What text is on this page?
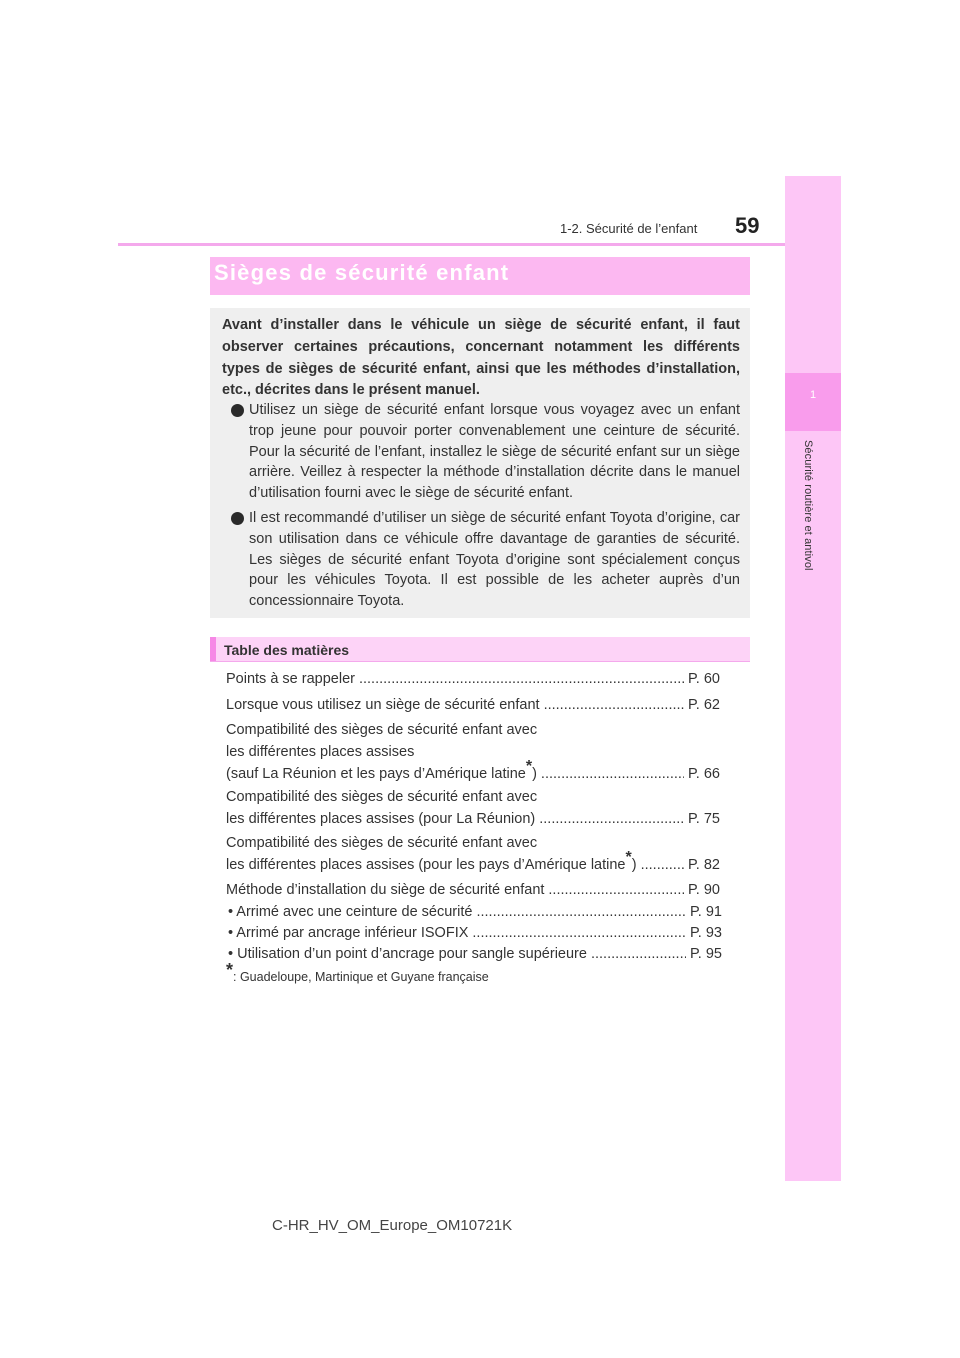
1-2. Sécurité de l’enfant	59
1
Sécurité routière et antivol
Sièges de sécurité enfant
Avant d’installer dans le véhicule un siège de sécurité enfant, il faut observer certaines précautions, concernant notamment les différents types de sièges de sécurité enfant, ainsi que les méthodes d’installation, etc., décrites dans le présent manuel.
Utilisez un siège de sécurité enfant lorsque vous voyagez avec un enfant trop jeune pour pouvoir porter convenablement une ceinture de sécurité. Pour la sécurité de l’enfant, installez le siège de sécurité enfant sur un siège arrière. Veillez à respecter la méthode d’installation décrite dans le manuel d’utilisation fourni avec le siège de sécurité enfant.
Il est recommandé d’utiliser un siège de sécurité enfant Toyota d’origine, car son utilisation dans ce véhicule offre davantage de garanties de sécurité. Les sièges de sécurité enfant Toyota d’origine sont spécialement conçus pour les véhicules Toyota. Il est possible de les acheter auprès d’un concessionnaire Toyota.
Table des matières
Points à se rappeler .....	P. 60
Lorsque vous utilisez un siège de sécurité enfant .....	P. 62
Compatibilité des sièges de sécurité enfant avec
les différentes places assises
(sauf La Réunion et les pays d’Amérique latine*) .....	P. 66
Compatibilité des sièges de sécurité enfant avec
les différentes places assises (pour La Réunion) .....	P. 75
Compatibilité des sièges de sécurité enfant avec
les différentes places assises (pour les pays d’Amérique latine*) .....	P. 82
Méthode d’installation du siège de sécurité enfant .....	P. 90
• Arrimé avec une ceinture de sécurité .....	P. 91
• Arrimé par ancrage inférieur ISOFIX .....	P. 93
• Utilisation d’un point d’ancrage pour sangle supérieure .....	P. 95
*: Guadeloupe, Martinique et Guyane française
C-HR_HV_OM_Europe_OM10721K
